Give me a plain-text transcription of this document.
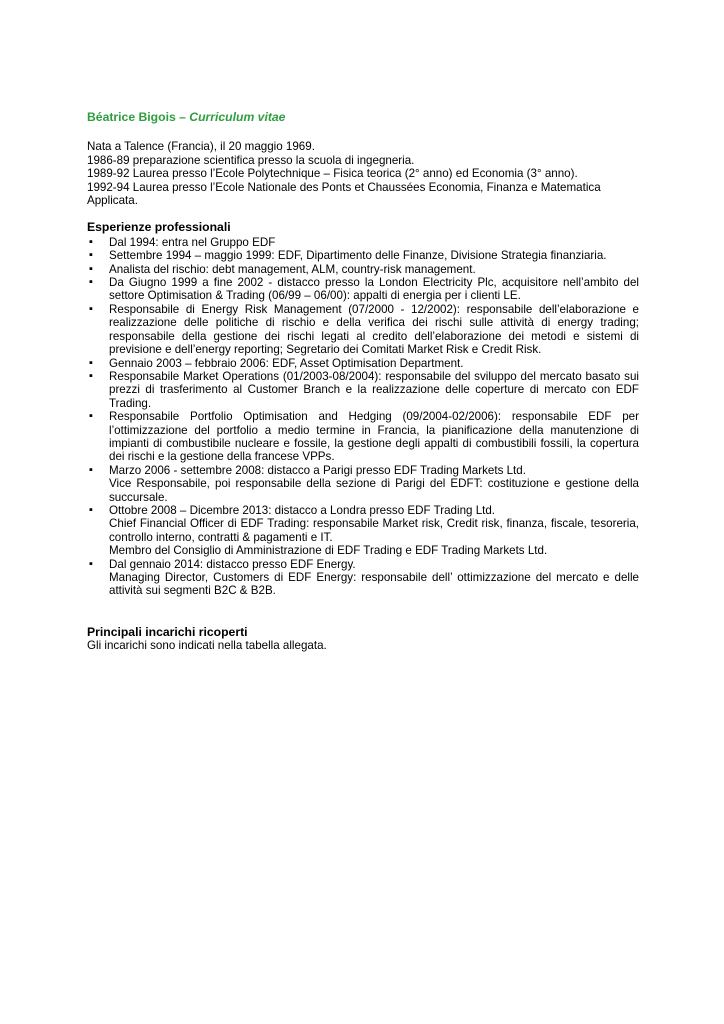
Béatrice Bigois – Curriculum vitae
Nata a Talence (Francia), il 20 maggio 1969.
1986-89 preparazione scientifica presso la scuola di ingegneria.
1989-92 Laurea presso l’Ecole Polytechnique – Fisica teorica (2° anno) ed Economia (3° anno).
1992-94 Laurea presso l’Ecole Nationale des Ponts et Chaussées Economia, Finanza e Matematica Applicata.
Esperienze professionali
▪ Dal 1994: entra nel Gruppo EDF
▪ Settembre 1994 – maggio 1999: EDF, Dipartimento delle Finanze, Divisione Strategia finanziaria.
▪ Analista del rischio: debt management, ALM, country-risk management.
▪ Da Giugno 1999 a fine 2002 - distacco presso la London Electricity Plc, acquisitore nell’ambito del settore Optimisation & Trading (06/99 – 06/00): appalti di energia per i clienti LE.
▪ Responsabile di Energy Risk Management (07/2000 - 12/2002): responsabile dell’elaborazione e realizzazione delle politiche di rischio e della verifica dei rischi sulle attività di energy trading; responsabile della gestione dei rischi legati al credito dell’elaborazione dei metodi e sistemi di previsione e dell’energy reporting; Segretario dei Comitati Market Risk e Credit Risk.
▪ Gennaio 2003 – febbraio 2006: EDF, Asset Optimisation Department.
▪ Responsabile Market Operations (01/2003-08/2004): responsabile del sviluppo del mercato basato sui prezzi di trasferimento al Customer Branch e la realizzazione delle coperture di mercato con EDF Trading.
▪ Responsabile Portfolio Optimisation and Hedging (09/2004-02/2006): responsabile EDF per l’ottimizzazione del portfolio a medio termine in Francia, la pianificazione della manutenzione di impianti di combustibile nucleare e fossile, la gestione degli appalti di combustibili fossili, la copertura dei rischi e la gestione della francese VPPs.
▪ Marzo 2006 - settembre 2008: distacco a Parigi presso EDF Trading Markets Ltd.
Vice Responsabile, poi responsabile della sezione di Parigi del EDFT: costituzione e gestione della succursale.
▪ Ottobre 2008 – Dicembre 2013: distacco a Londra presso EDF Trading Ltd.
Chief Financial Officer di EDF Trading: responsabile Market risk, Credit risk, finanza, fiscale, tesoreria, controllo interno, contratti & pagamenti e IT.
Membro del Consiglio di Amministrazione di EDF Trading e EDF Trading Markets Ltd.
▪ Dal gennaio 2014: distacco presso EDF Energy.
Managing Director, Customers di EDF Energy: responsabile dell’ ottimizzazione del mercato e delle attività sui segmenti B2C & B2B.
Principali incarichi ricoperti
Gli incarichi sono indicati nella tabella allegata.
